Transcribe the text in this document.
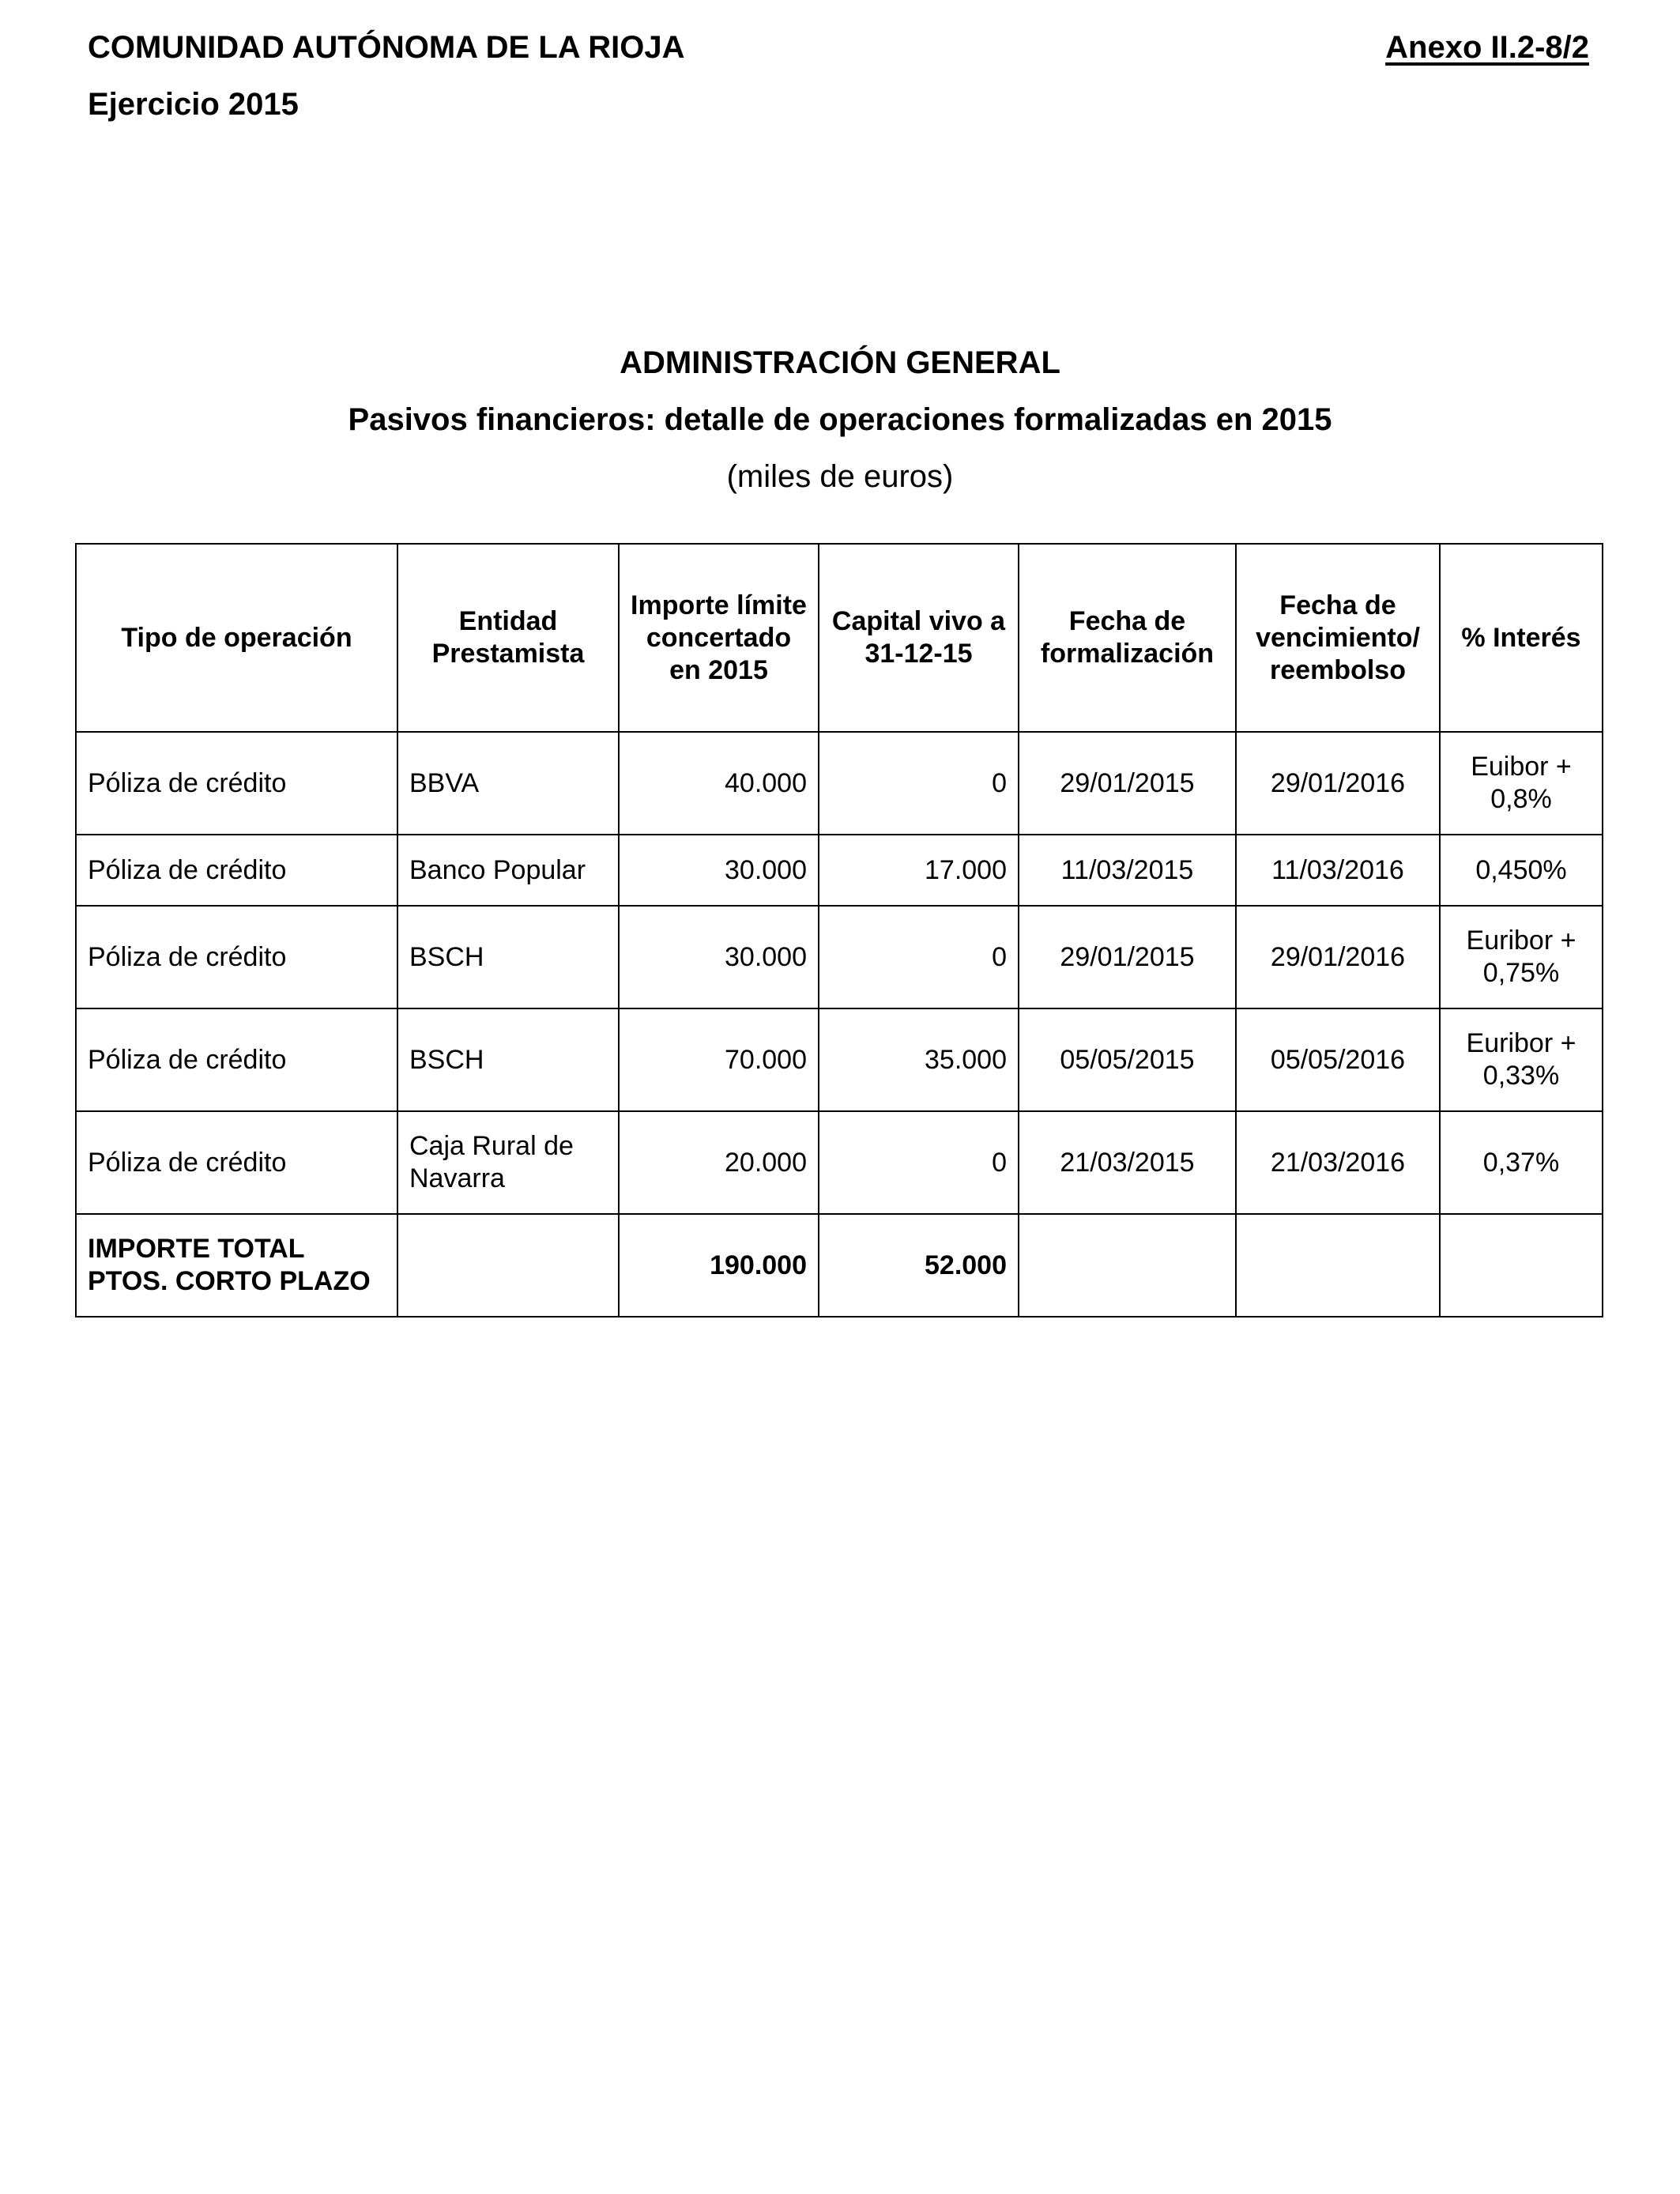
COMUNIDAD AUTÓNOMA DE LA RIOJA
Ejercicio 2015
Anexo II.2-8/2
ADMINISTRACIÓN GENERAL
Pasivos financieros: detalle de operaciones formalizadas en 2015
(miles de euros)
Tipo de operación	Entidad Prestamista	Importe límite concertado en 2015	Capital vivo a 31-12-15	Fecha de formalización	Fecha de vencimiento/ reembolso	% Interés
Póliza de crédito	BBVA	40.000	0	29/01/2015	29/01/2016	Euibor + 0,8%
Póliza de crédito	Banco Popular	30.000	17.000	11/03/2015	11/03/2016	0,450%
Póliza de crédito	BSCH	30.000	0	29/01/2015	29/01/2016	Euribor + 0,75%
Póliza de crédito	BSCH	70.000	35.000	05/05/2015	05/05/2016	Euribor + 0,33%
Póliza de crédito	Caja Rural de Navarra	20.000	0	21/03/2015	21/03/2016	0,37%
IMPORTE TOTAL PTOS. CORTO PLAZO		190.000	52.000			
